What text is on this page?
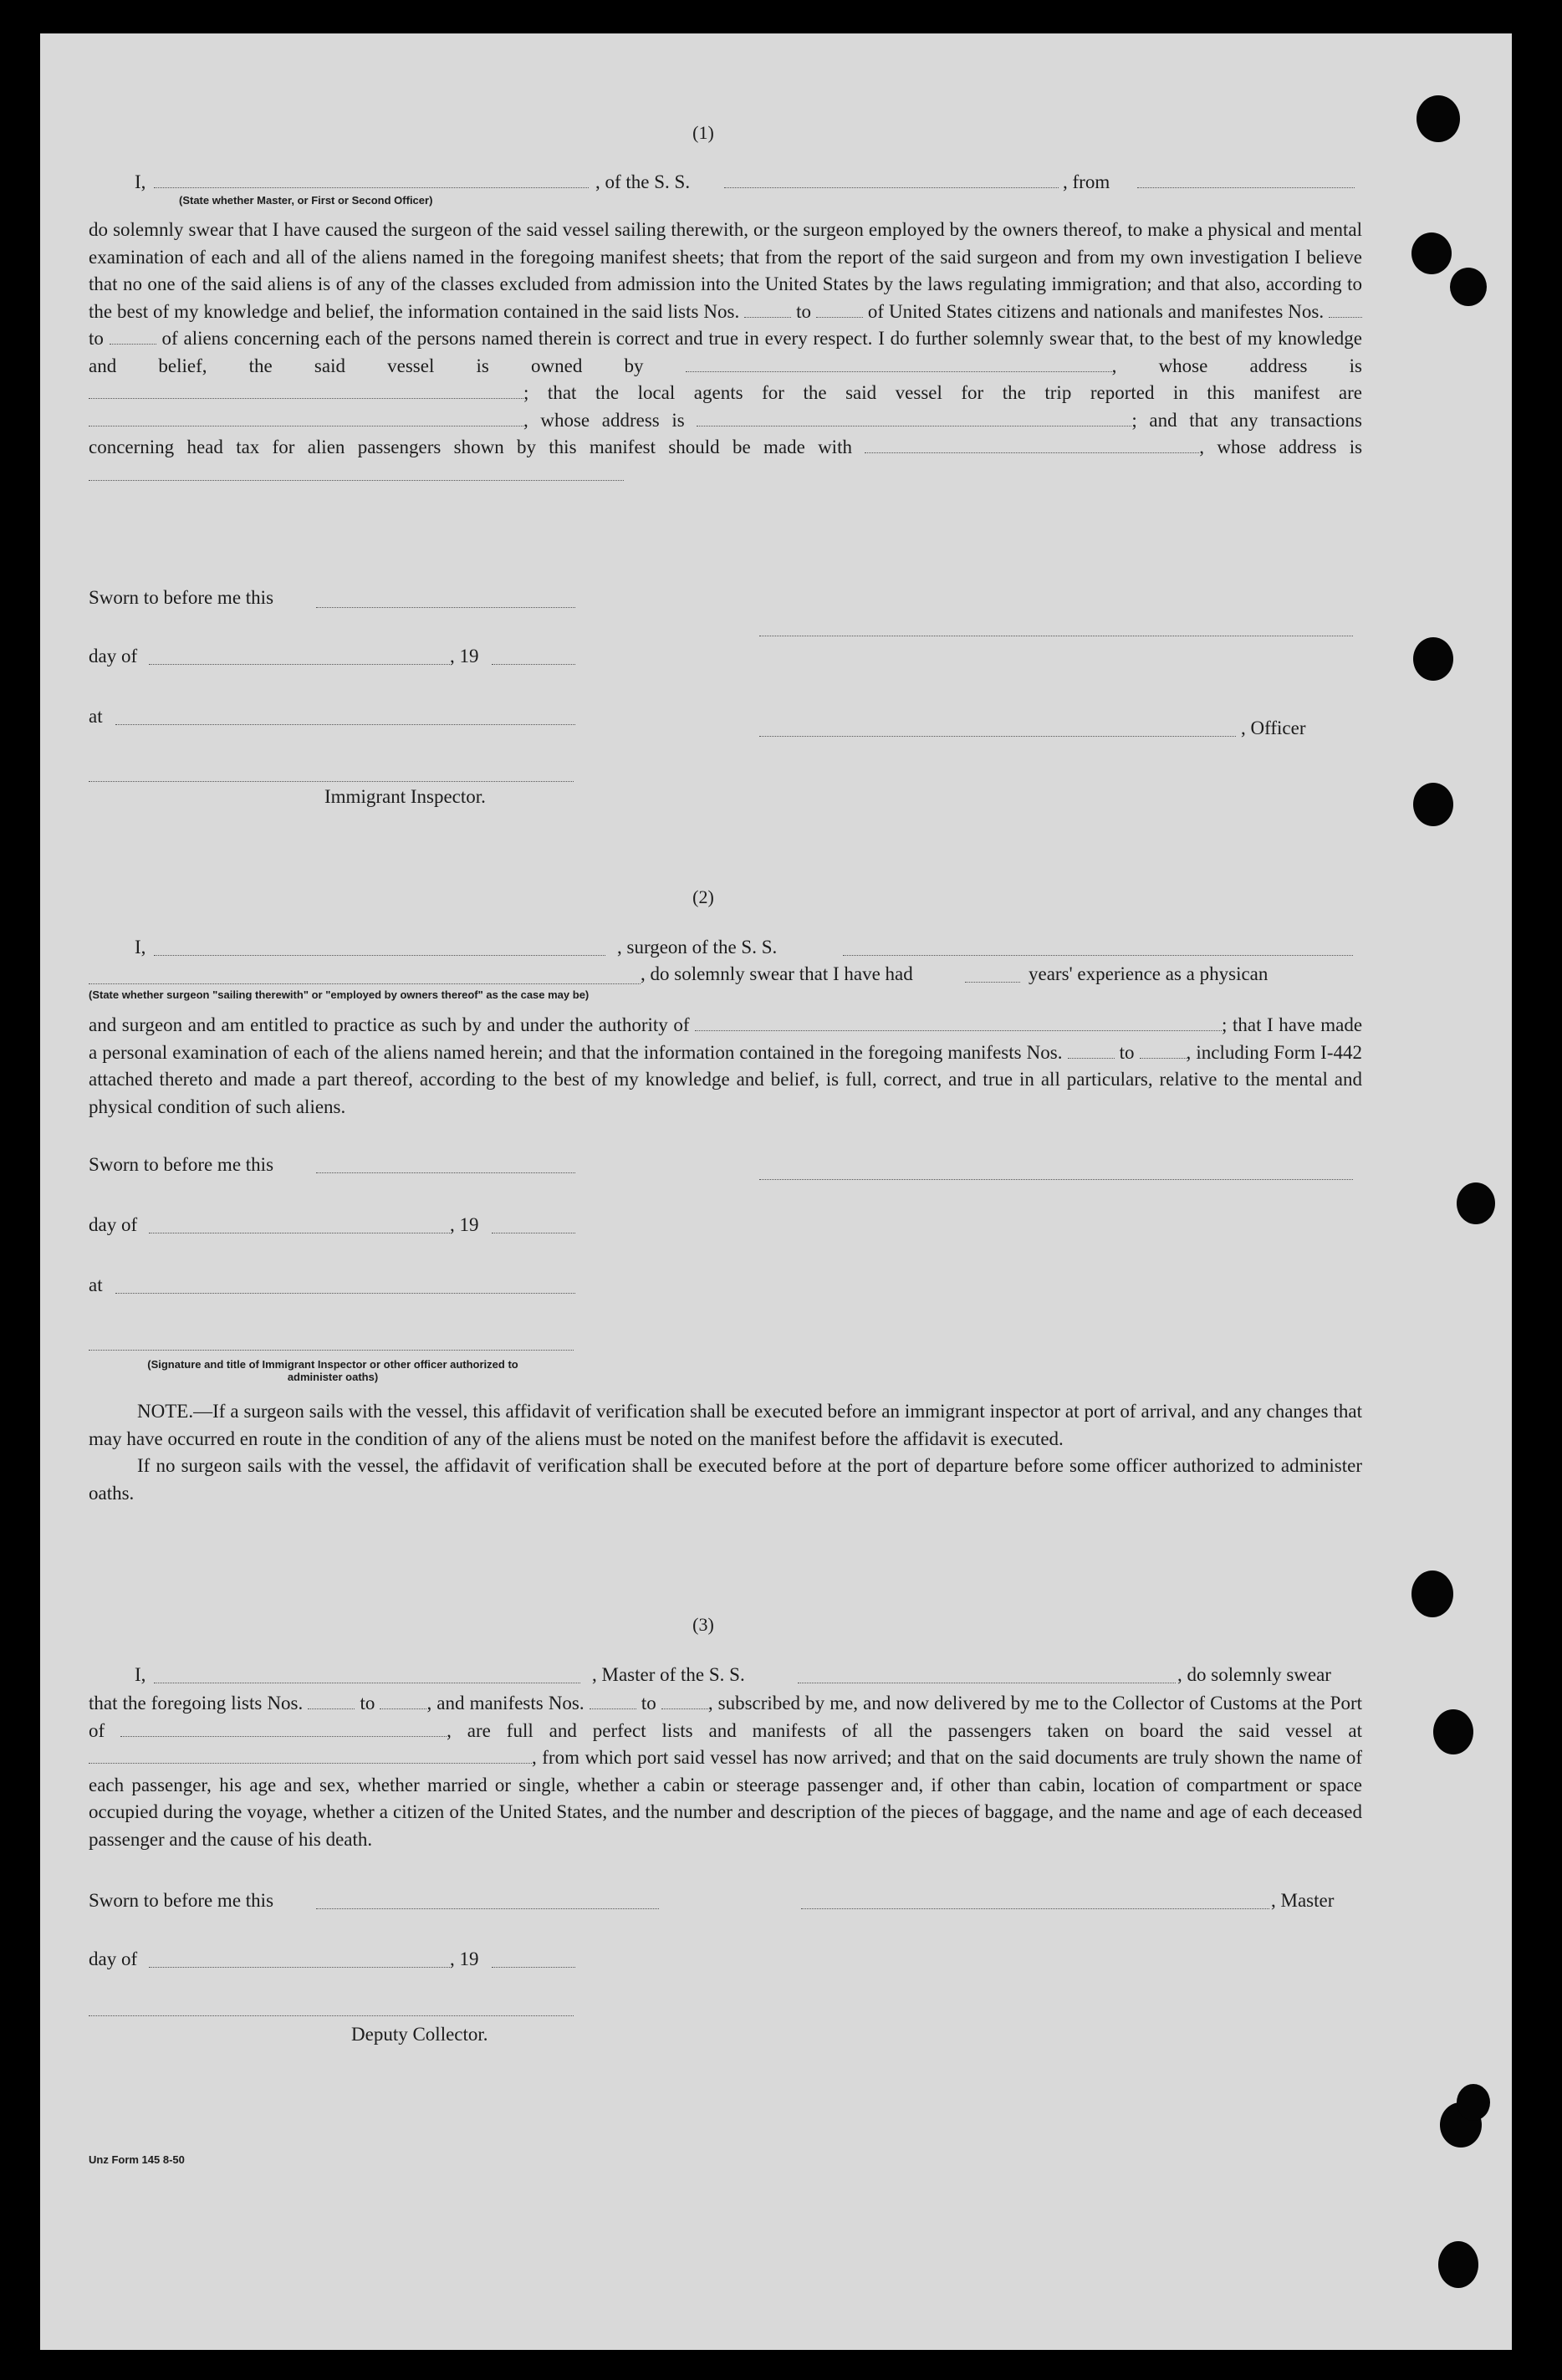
(1)
I,	, of the S. S.	, from
(State whether Master, or First or Second Officer)

do solemnly swear that I have caused the surgeon of the said vessel sailing therewith, or the surgeon employed by the owners thereof, to make a physical and mental examination of each and all of the aliens named in the foregoing manifest sheets; that from the report of the said surgeon and from my own investigation I believe that no one of the said aliens is of any of the classes excluded from admission into the United States by the laws regulating immigration; and that also, according to the best of my knowledge and belief, the information contained in the said lists Nos.	to	of United States citizens and nationals and manifestes Nos.  to	of aliens concerning each of the persons named therein is correct and true in every respect. I do further solemnly swear that, to the best of my knowledge and belief, the said vessel is owned by	, whose address is ; that the local agents for the said vessel for the trip reported in this manifest are , whose address is	; and that any transactions concerning head tax for alien passengers shown by this manifest should be made with	, whose address is

Sworn to before me this
day of	, 19
at
, Officer
Immigrant Inspector.
(2)
I,	, surgeon of the S. S.
, do solemnly swear that I have had	years' experience as a physican
(State whether surgeon "sailing therewith" or "employed by owners thereof" as the case may be)

and surgeon and am entitled to practice as such by and under the authority of	; that I have made a personal examination of each of the aliens named herein; and that the information contained in the foregoing manifests Nos.	to	, including Form I-442 attached thereto and made a part thereof, according to the best of my knowledge and belief, is full, correct, and true in all particulars, relative to the mental and physical condition of such aliens.

Sworn to before me this
day of	, 19
at
(Signature and title of Immigrant Inspector or other officer authorized to administer oaths)

NOTE.—If a surgeon sails with the vessel, this affidavit of verification shall be executed before an immigrant inspector at port of arrival, and any changes that may have occurred en route in the condition of any of the aliens must be noted on the manifest before the affidavit is executed.

If no surgeon sails with the vessel, the affidavit of verification shall be executed before at the port of departure before some officer authorized to administer oaths.

(3)
I,	, Master of the S. S.	, do solemnly swear

that the foregoing lists Nos.	to	, and manifests Nos.	to	, subscribed by me, and now delivered by me to the Collector of Customs at the Port of	, are full and perfect lists and manifests of all the passengers taken on board the said vessel at , from which port said vessel has now arrived; and that on the said documents are truly shown the name of each passenger, his age and sex, whether married or single, whether a cabin or steerage passenger and, if other than cabin, location of compartment or space occupied during the voyage, whether a citizen of the United States, and the number and description of the pieces of baggage, and the name and age of each deceased passenger and the cause of his death.

Sworn to before me this	, Master
day of	, 19
Deputy Collector.
Unz Form 145 8-50
